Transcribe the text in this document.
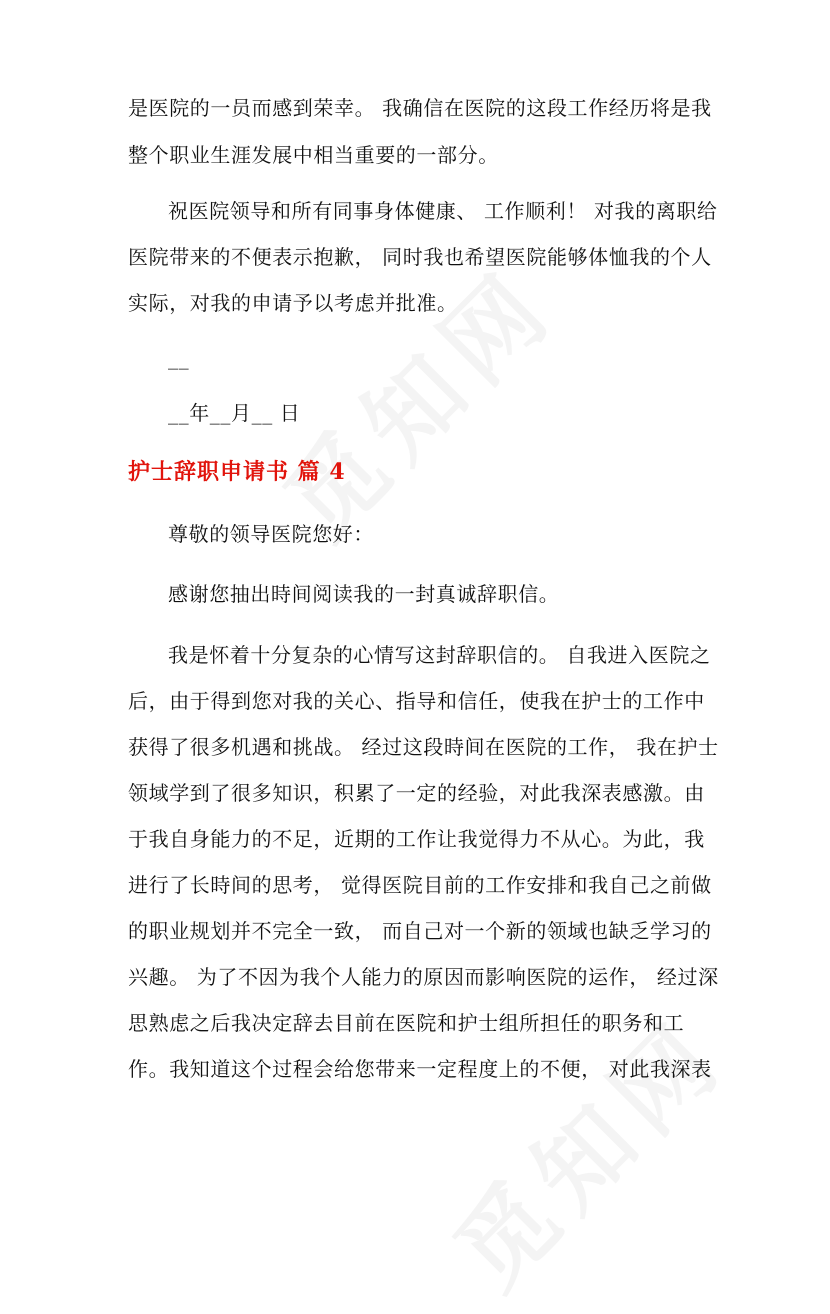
是医院的一员而感到荣幸。 我确信在医院的这段工作经历将是我
整个职业生涯发展中相当重要的一部分。
祝医院领导和所有同事身体健康、 工作顺利！ 对我的离职给
医院带来的不便表示抱歉， 同时我也希望医院能够体恤我的个人
实际，对我的申请予以考虑并批准。
__
__年__月__ 日
护士辞职申请书 篇 4
尊敬的领导医院您好：
感谢您抽出時间阅读我的一封真诚辞职信。
我是怀着十分复杂的心情写这封辞职信的。 自我进入医院之
后，由于得到您对我的关心、指导和信任，使我在护士的工作中
获得了很多机遇和挑战。 经过这段時间在医院的工作， 我在护士
领域学到了很多知识，积累了一定的经验，对此我深表感激。由
于我自身能力的不足，近期的工作让我觉得力不从心。为此，我
进行了长時间的思考， 觉得医院目前的工作安排和我自己之前做
的职业规划并不完全一致， 而自己对一个新的领域也缺乏学习的
兴趣。 为了不因为我个人能力的原因而影响医院的运作， 经过深
思熟虑之后我决定辞去目前在医院和护士组所担任的职务和工
作。我知道这个过程会给您带来一定程度上的不便， 对此我深表
